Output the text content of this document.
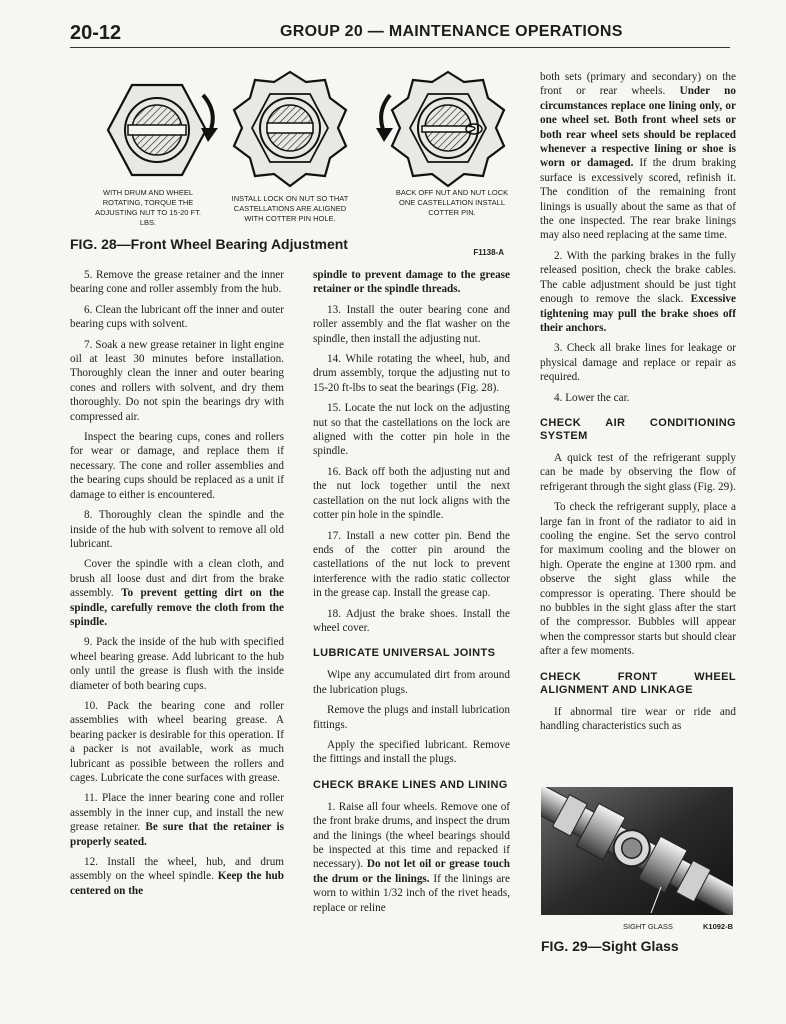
20-12	GROUP 20 — MAINTENANCE OPERATIONS
WITH DRUM AND WHEEL ROTATING, TORQUE THE ADJUSTING NUT TO 15-20 FT. LBS.
INSTALL LOCK ON NUT SO THAT CASTELLATIONS ARE ALIGNED WITH COTTER PIN HOLE.
BACK OFF NUT AND NUT LOCK ONE CASTELLATION INSTALL COTTER PIN.
F1138-A
FIG. 28—Front Wheel Bearing Adjustment

5. Remove the grease retainer and the inner bearing cone and roller assembly from the hub.

6. Clean the lubricant off the inner and outer bearing cups with solvent.

7. Soak a new grease retainer in light engine oil at least 30 minutes before installation. Thoroughly clean the inner and outer bearing cones and rollers with solvent, and dry them thoroughly. Do not spin the bearings dry with compressed air.

Inspect the bearing cups, cones and rollers for wear or damage, and replace them if necessary. The cone and roller assemblies and the bearing cups should be replaced as a unit if damage to either is encountered.

8. Thoroughly clean the spindle and the inside of the hub with solvent to remove all old lubricant.

Cover the spindle with a clean cloth, and brush all loose dust and dirt from the brake assembly. To prevent getting dirt on the spindle, carefully remove the cloth from the spindle.

9. Pack the inside of the hub with specified wheel bearing grease. Add lubricant to the hub only until the grease is flush with the inside diameter of both bearing cups.

10. Pack the bearing cone and roller assemblies with wheel bearing grease. A bearing packer is desirable for this operation. If a packer is not available, work as much lubricant as possible between the rollers and cages. Lubricate the cone surfaces with grease.

11. Place the inner bearing cone and roller assembly in the inner cup, and install the new grease retainer. Be sure that the retainer is properly seated.

12. Install the wheel, hub, and drum assembly on the wheel spindle. Keep the hub centered on the

spindle to prevent damage to the grease retainer or the spindle threads.

13. Install the outer bearing cone and roller assembly and the flat washer on the spindle, then install the adjusting nut.

14. While rotating the wheel, hub, and drum assembly, torque the adjusting nut to 15-20 ft-lbs to seat the bearings (Fig. 28).

15. Locate the nut lock on the adjusting nut so that the castellations on the lock are aligned with the cotter pin hole in the spindle.

16. Back off both the adjusting nut and the nut lock together until the next castellation on the nut lock aligns with the cotter pin hole in the spindle.

17. Install a new cotter pin. Bend the ends of the cotter pin around the castellations of the nut lock to prevent interference with the radio static collector in the grease cap. Install the grease cap.

18. Adjust the brake shoes. Install the wheel cover.

LUBRICATE UNIVERSAL JOINTS

Wipe any accumulated dirt from around the lubrication plugs.

Remove the plugs and install lubrication fittings.

Apply the specified lubricant. Remove the fittings and install the plugs.

CHECK BRAKE LINES AND LINING

1. Raise all four wheels. Remove one of the front brake drums, and inspect the drum and the linings (the wheel bearings should be inspected at this time and repacked if necessary). Do not let oil or grease touch the drum or the linings. If the linings are worn to within 1/32 inch of the rivet heads, replace or reline

both sets (primary and secondary) on the front or rear wheels. Under no circumstances replace one lining only, or one wheel set. Both front wheel sets or both rear wheel sets should be replaced whenever a respective lining or shoe is worn or damaged. If the drum braking surface is excessively scored, refinish it. The condition of the remaining front linings is usually about the same as that of the one inspected. The rear brake linings may also need replacing at the same time.

2. With the parking brakes in the fully released position, check the brake cables. The cable adjustment should be just tight enough to remove the slack. Excessive tightening may pull the brake shoes off their anchors.

3. Check all brake lines for leakage or physical damage and replace or repair as required.

4. Lower the car.

CHECK AIR CONDITIONING SYSTEM

A quick test of the refrigerant supply can be made by observing the flow of refrigerant through the sight glass (Fig. 29).

To check the refrigerant supply, place a large fan in front of the radiator to aid in cooling the engine. Set the servo control for maximum cooling and the blower on high. Operate the engine at 1300 rpm. and observe the sight glass while the compressor is operating. There should be no bubbles in the sight glass after the start of the compressor. Bubbles will appear when the compressor starts but should clear after a few moments.

CHECK FRONT WHEEL ALIGNMENT AND LINKAGE

If abnormal tire wear or ride and handling characteristics such as

SIGHT GLASS	K1092-B
FIG. 29—Sight Glass
